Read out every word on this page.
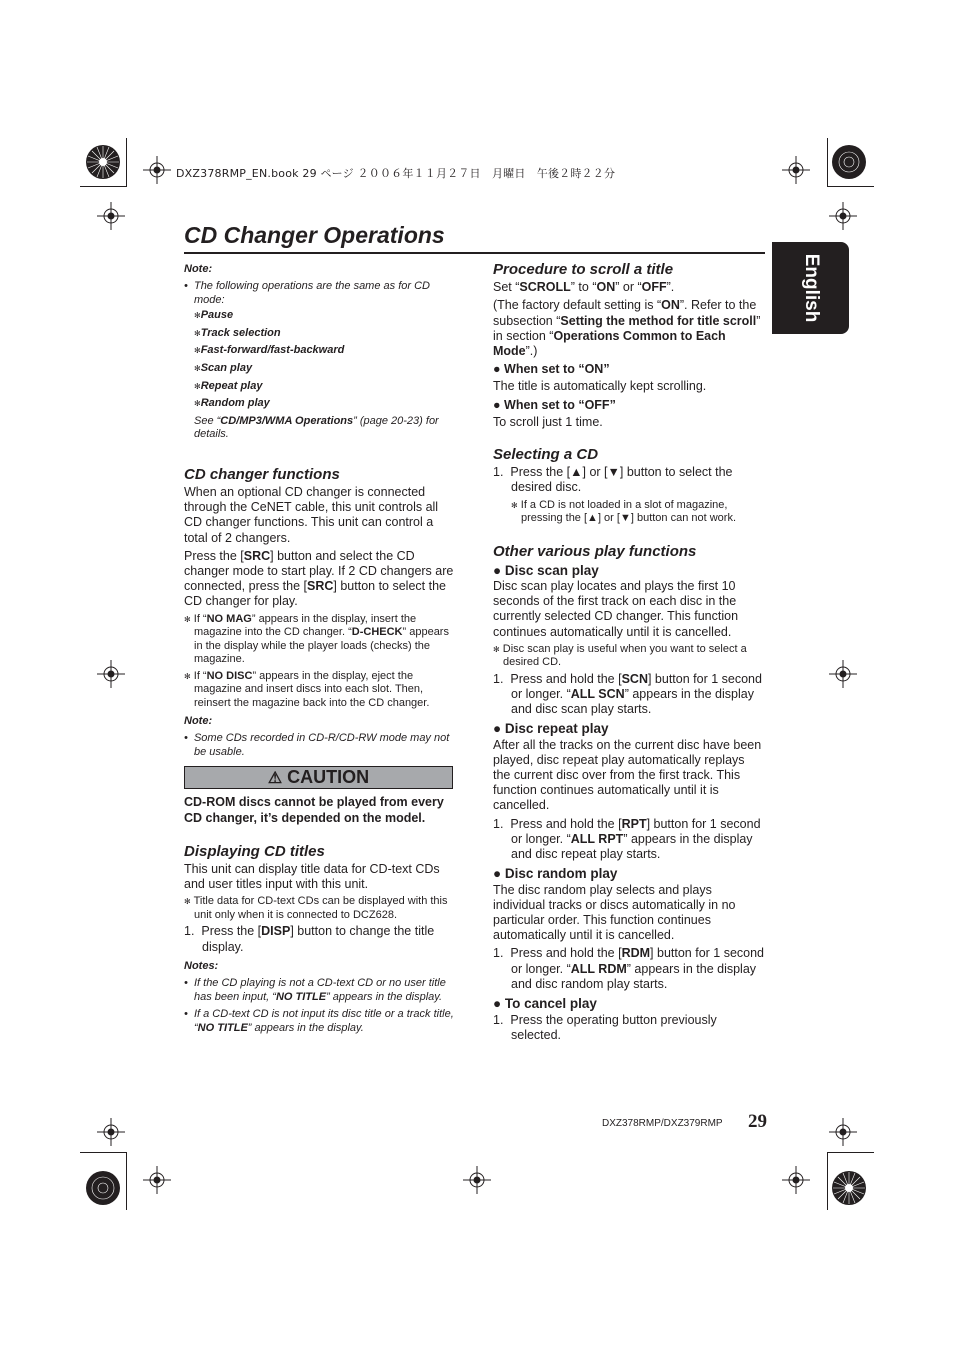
DXZ378RMP_EN.book 29 ページ ２００６年１１月２７日　月曜日　午後２時２２分
CD Changer Operations
English

Note:

•  The following operations are the same as for CD mode:

✻Pause

✻Track selection

✻Fast-forward/fast-backward

✻Scan play

✻Repeat play

✻Random play

See “CD/MP3/WMA Operations” (page 20-23) for details.

CD changer functions

When an optional CD changer is connected through the CeNET cable, this unit controls all CD changer functions. This unit can control a total of 2 changers.

Press the [SRC] button and select the CD changer mode to start play. If 2 CD changers are connected, press the [SRC] button to select the CD changer for play.

✻ If “NO MAG” appears in the display, insert the magazine into the CD changer. “D-CHECK” appears in the display while the player loads (checks) the magazine.

✻ If “NO DISC” appears in the display, eject the magazine and insert discs into each slot. Then, reinsert the magazine back into the CD changer.

Note:

•  Some CDs recorded in CD-R/CD-RW mode may not be usable.

⚠ CAUTION

CD-ROM discs cannot be played from every CD changer, it’s depended on the model.

Displaying CD titles

This unit can display title data for CD-text CDs and user titles input with this unit.

✻ Title data for CD-text CDs can be displayed with this unit only when it is connected to DCZ628.

1. Press the [DISP] button to change the title display.

Notes:

•  If the CD playing is not a CD-text CD or no user title has been input, “NO TITLE” appears in the display.

•  If a CD-text CD is not input its disc title or a track title, “NO TITLE” appears in the display.

Procedure to scroll a title

Set “SCROLL” to “ON” or “OFF”.

(The factory default setting is “ON”. Refer to the subsection “Setting the method for title scroll” in section “Operations Common to Each Mode”.)

● When set to “ON”

The title is automatically kept scrolling.

● When set to “OFF”

To scroll just 1 time.

Selecting a CD

1. Press the [▲] or [▼] button to select the desired disc.

✻ If a CD is not loaded in a slot of magazine, pressing the [▲] or [▼] button can not work.

Other various play functions

● Disc scan play

Disc scan play locates and plays the first 10 seconds of the first track on each disc in the currently selected CD changer. This function continues automatically until it is cancelled.

✻ Disc scan play is useful when you want to select a desired CD.

1. Press and hold the [SCN] button for 1 second or longer. “ALL SCN” appears in the display and disc scan play starts.

● Disc repeat play

After all the tracks on the current disc have been played, disc repeat play automatically replays the current disc over from the first track. This function continues automatically until it is cancelled.

1. Press and hold the [RPT] button for 1 second or longer. “ALL RPT” appears in the display and disc repeat play starts.

● Disc random play

The disc random play selects and plays individual tracks or discs automatically in no particular order. This function continues automatically until it is cancelled.

1. Press and hold the [RDM] button for 1 second or longer. “ALL RDM” appears in the display and disc random play starts.

● To cancel play

1. Press the operating button previously selected.

DXZ378RMP/DXZ379RMP 29
